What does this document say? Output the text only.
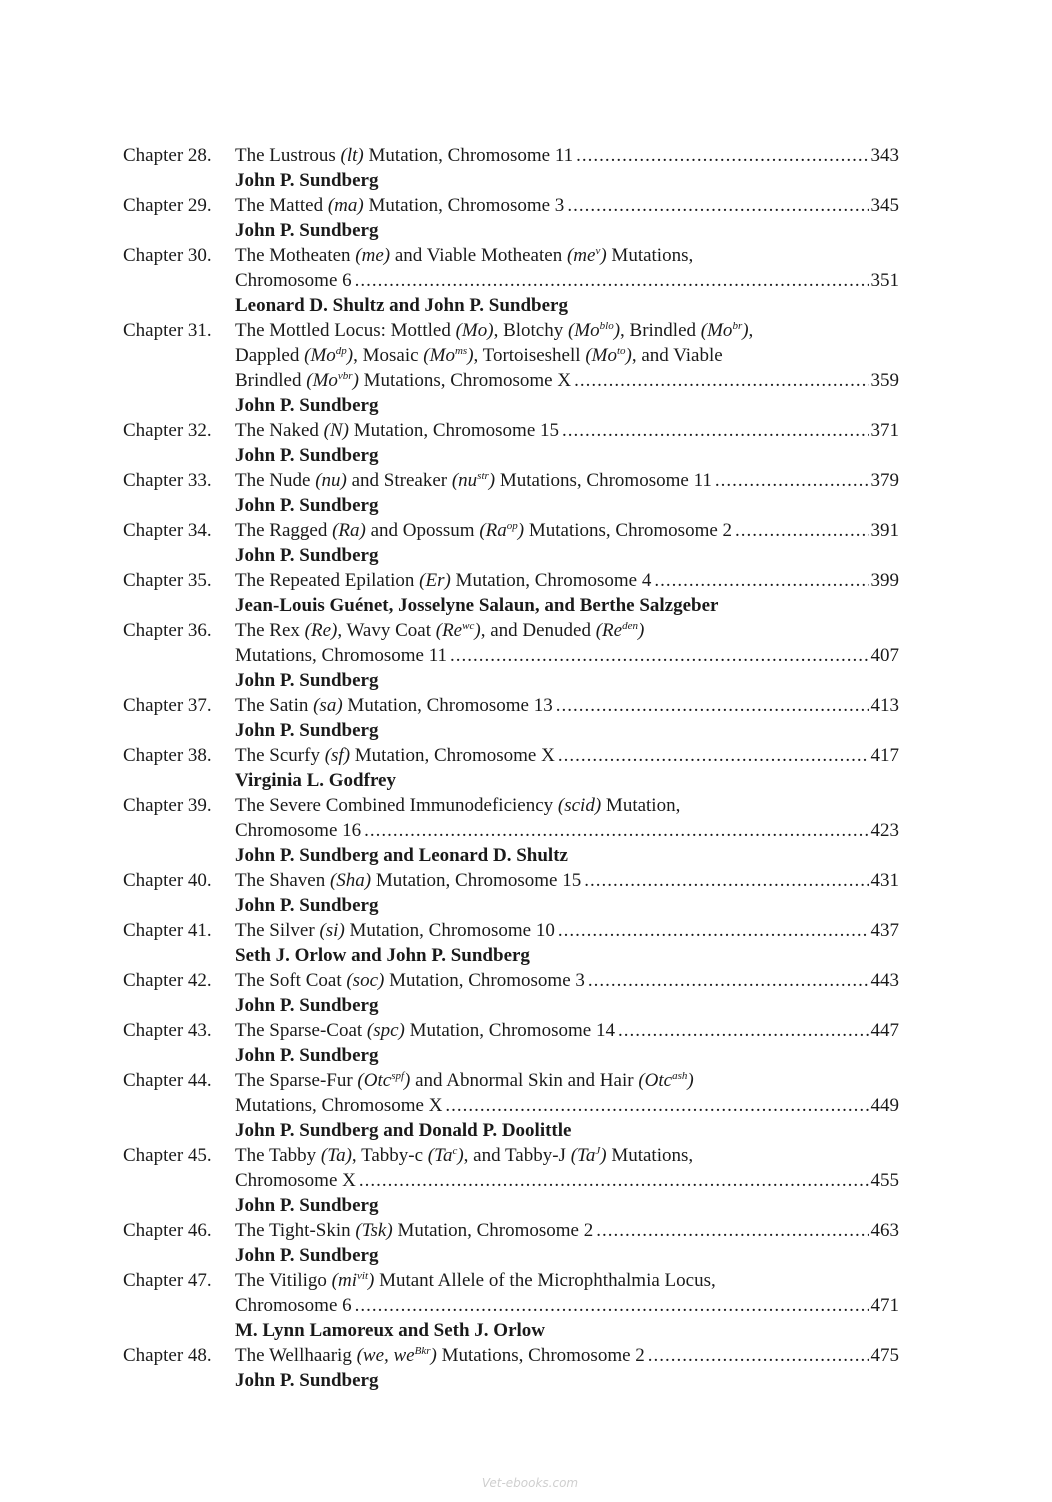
Chapter 28.	The Lustrous (lt) Mutation, Chromosome 11 .....	343
John P. Sundberg
Chapter 29.	The Matted (ma) Mutation, Chromosome 3 .....	345
John P. Sundberg
Chapter 30.	The Motheaten (me) and Viable Motheaten $(me^v)$ Mutations,
Chromosome 6 .....	351
Leonard D. Shultz and John P. Sundberg
Chapter 31.	The Mottled Locus: Mottled (Mo), Blotchy $(Mo^{blo})$, Brindled $(Mo^{br})$,
Dappled $(Mo^{dp})$, Mosaic $(Mo^{ms})$, Tortoiseshell $(Mo^{to})$, and Viable
Brindled $(Mo^{vbr})$ Mutations, Chromosome X .....	359
John P. Sundberg
Chapter 32.	The Naked (N) Mutation, Chromosome 15 .....	371
John P. Sundberg
Chapter 33.	The Nude (nu) and Streaker $(nu^{str})$ Mutations, Chromosome 11 .....	379
John P. Sundberg
Chapter 34.	The Ragged (Ra) and Opossum $(Ra^{op})$ Mutations, Chromosome 2 .....	391
John P. Sundberg
Chapter 35.	The Repeated Epilation (Er) Mutation, Chromosome 4 .....	399
Jean-Louis Guénet, Josselyne Salaun, and Berthe Salzgeber
Chapter 36.	The Rex (Re), Wavy Coat $(Re^{wc})$, and Denuded $(Re^{den})$
Mutations, Chromosome 11 .....	407
John P. Sundberg
Chapter 37.	The Satin (sa) Mutation, Chromosome 13 .....	413
John P. Sundberg
Chapter 38.	The Scurfy (sf) Mutation, Chromosome X .....	417
Virginia L. Godfrey
Chapter 39.	The Severe Combined Immunodeficiency (scid) Mutation,
Chromosome 16 .....	423
John P. Sundberg and Leonard D. Shultz
Chapter 40.	The Shaven (Sha) Mutation, Chromosome 15 .....	431
John P. Sundberg
Chapter 41.	The Silver (si) Mutation, Chromosome 10 .....	437
Seth J. Orlow and John P. Sundberg
Chapter 42.	The Soft Coat (soc) Mutation, Chromosome 3 .....	443
John P. Sundberg
Chapter 43.	The Sparse-Coat (spc) Mutation, Chromosome 14 .....	447
John P. Sundberg
Chapter 44.	The Sparse-Fur (Otc$^{spf}$) and Abnormal Skin and Hair (Otc$^{ash}$)
Mutations, Chromosome X .....	449
John P. Sundberg and Donald P. Doolittle
Chapter 45.	The Tabby (Ta), Tabby-c (Ta$^c$), and Tabby-J $(Ta^J)$ Mutations,
Chromosome X .....	455
John P. Sundberg
Chapter 46.	The Tight-Skin (Tsk) Mutation, Chromosome 2 .....	463
John P. Sundberg
Chapter 47.	The Vitiligo $(mi^{vit})$ Mutant Allele of the Microphthalmia Locus,
Chromosome 6 .....	471
M. Lynn Lamoreux and Seth J. Orlow
Chapter 48.	The Wellhaarig (we, $we^{Bkr}$) Mutations, Chromosome 2 .....	475
John P. Sundberg
Vet-ebooks.com
